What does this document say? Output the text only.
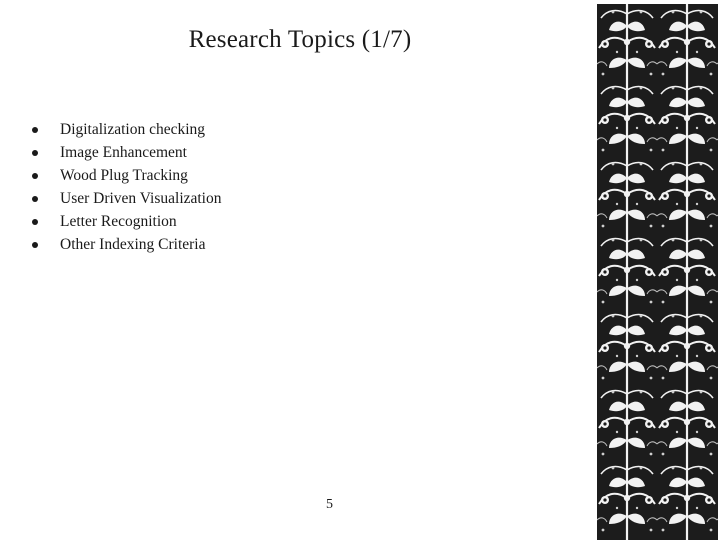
Research Topics (1/7)
Digitalization checking
Image Enhancement
Wood Plug Tracking
User Driven Visualization
Letter Recognition
Other Indexing Criteria
5
